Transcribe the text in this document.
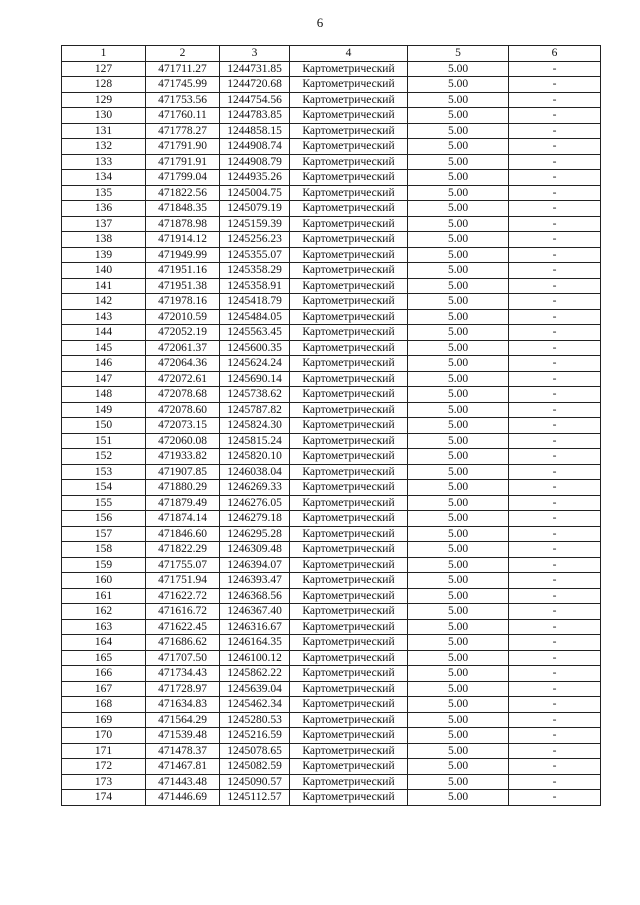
6
1	2	3	4	5	6
127	471711.27	1244731.85	Картометрический	5.00	-
128	471745.99	1244720.68	Картометрический	5.00	-
129	471753.56	1244754.56	Картометрический	5.00	-
130	471760.11	1244783.85	Картометрический	5.00	-
131	471778.27	1244858.15	Картометрический	5.00	-
132	471791.90	1244908.74	Картометрический	5.00	-
133	471791.91	1244908.79	Картометрический	5.00	-
134	471799.04	1244935.26	Картометрический	5.00	-
135	471822.56	1245004.75	Картометрический	5.00	-
136	471848.35	1245079.19	Картометрический	5.00	-
137	471878.98	1245159.39	Картометрический	5.00	-
138	471914.12	1245256.23	Картометрический	5.00	-
139	471949.99	1245355.07	Картометрический	5.00	-
140	471951.16	1245358.29	Картометрический	5.00	-
141	471951.38	1245358.91	Картометрический	5.00	-
142	471978.16	1245418.79	Картометрический	5.00	-
143	472010.59	1245484.05	Картометрический	5.00	-
144	472052.19	1245563.45	Картометрический	5.00	-
145	472061.37	1245600.35	Картометрический	5.00	-
146	472064.36	1245624.24	Картометрический	5.00	-
147	472072.61	1245690.14	Картометрический	5.00	-
148	472078.68	1245738.62	Картометрический	5.00	-
149	472078.60	1245787.82	Картометрический	5.00	-
150	472073.15	1245824.30	Картометрический	5.00	-
151	472060.08	1245815.24	Картометрический	5.00	-
152	471933.82	1245820.10	Картометрический	5.00	-
153	471907.85	1246038.04	Картометрический	5.00	-
154	471880.29	1246269.33	Картометрический	5.00	-
155	471879.49	1246276.05	Картометрический	5.00	-
156	471874.14	1246279.18	Картометрический	5.00	-
157	471846.60	1246295.28	Картометрический	5.00	-
158	471822.29	1246309.48	Картометрический	5.00	-
159	471755.07	1246394.07	Картометрический	5.00	-
160	471751.94	1246393.47	Картометрический	5.00	-
161	471622.72	1246368.56	Картометрический	5.00	-
162	471616.72	1246367.40	Картометрический	5.00	-
163	471622.45	1246316.67	Картометрический	5.00	-
164	471686.62	1246164.35	Картометрический	5.00	-
165	471707.50	1246100.12	Картометрический	5.00	-
166	471734.43	1245862.22	Картометрический	5.00	-
167	471728.97	1245639.04	Картометрический	5.00	-
168	471634.83	1245462.34	Картометрический	5.00	-
169	471564.29	1245280.53	Картометрический	5.00	-
170	471539.48	1245216.59	Картометрический	5.00	-
171	471478.37	1245078.65	Картометрический	5.00	-
172	471467.81	1245082.59	Картометрический	5.00	-
173	471443.48	1245090.57	Картометрический	5.00	-
174	471446.69	1245112.57	Картометрический	5.00	-
